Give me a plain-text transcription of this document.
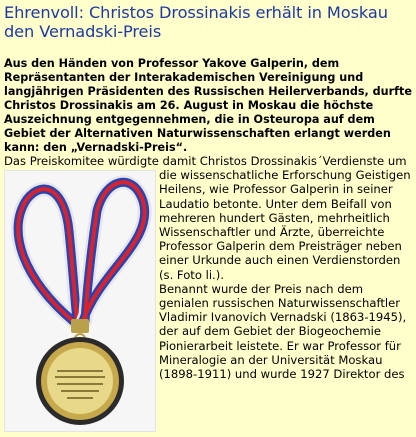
Ehrenvoll: Christos Drossinakis erhält in Moskau den Vernadski-Preis

Aus den Händen von Professor Yakove Galperin, dem Repräsentanten der Interakademischen Vereinigung und langjährigen Präsidenten des Russischen Heilerverbands, durfte Christos Drossinakis am 26. August in Moskau die höchste Auszeichnung entgegennehmen, die in Osteuropa auf dem Gebiet der Alternativen Naturwissenschaften erlangt werden kann: den „Vernadski-Preis“.

Das Preiskomitee würdigte damit Christos Drossinakis´Verdienste um die wissenschatliche Erforschung
Geistigen Heilens, wie Professor Galperin in seiner Laudatio betonte. Unter dem Beifall von mehreren hundert Gästen, mehrheitlich Wissenschaftler und Ärzte, überreichte Professor Galperin dem Preisträger neben einer Urkunde auch einen Verdienstorden (s. Foto li.).
Benannt wurde der Preis nach dem genialen russischen Naturwissenschaftler Vladimir Ivanovich Vernadski (1863-1945), der auf dem Gebiet der Biogeochemie Pionierarbeit leistete. Er war Professor für Mineralogie an der Universität Moskau (1898-1911) und wurde 1927 Direktor des
